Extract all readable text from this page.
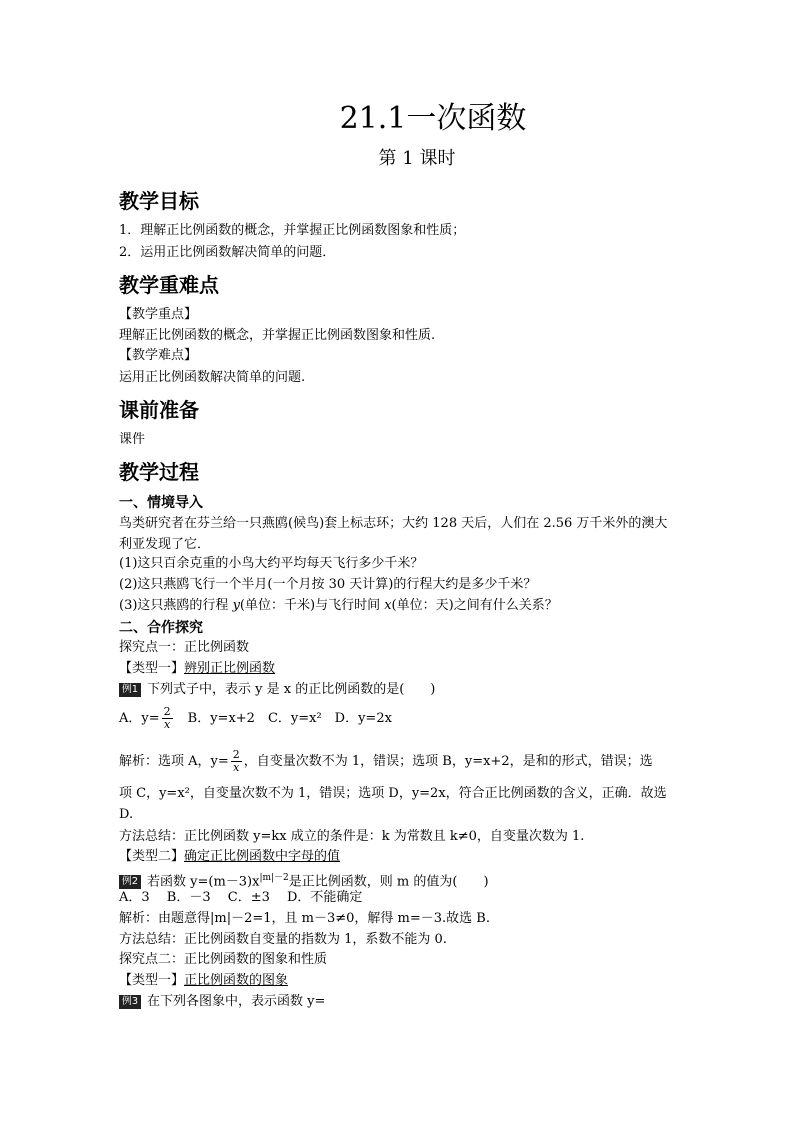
21.1一次函数
第 1 课时
教学目标
1．理解正比例函数的概念，并掌握正比例函数图象和性质；
2．运用正比例函数解决简单的问题．
教学重难点
【教学重点】
理解正比例函数的概念，并掌握正比例函数图象和性质.
【教学难点】
运用正比例函数解决简单的问题.
课前准备
课件
教学过程
一、情境导入
鸟类研究者在芬兰给一只燕鸥(候鸟)套上标志环；大约 128 天后，人们在 2.56 万千米外的澳大利亚发现了它．
(1)这只百余克重的小鸟大约平均每天飞行多少千米？
(2)这只燕鸥飞行一个半月(一个月按 30 天计算)的行程大约是多少千米？
(3)这只燕鸥的行程 y(单位：千米)与飞行时间 x(单位：天)之间有什么关系？
二、合作探究
探究点一：正比例函数
【类型一】辨别正比例函数
例1 下列式子中，表示 y 是 x 的正比例函数的是(　　)
A．$y= \frac{2}{x}$
　 B．y=x+2　C．y=x²　D．y=2x
解析：选项 A，$y= \frac{2}{x}$ ，自变量次数不为 1，错误；选项 B，y=x+2，是和的形式，错误；选
项 C，y=x²，自变量次数不为 1，错误；选项 D，y=2x，符合正比例函数的含义，正确．故选 D.
方法总结：正比例函数 y=kx 成立的条件是：k 为常数且 k≠0，自变量次数为 1.
【类型二】确定正比例函数中字母的值
例2 若函数 $y=(m-3)x^{|m|-2}$是正比例函数，则 m 的值为(　　)
A．3　 B．－3　 C．±3　 D．不能确定
解析：由题意得|m|－2=1，且 m－3≠0，解得 m=－3.故选 B.
方法总结：正比例函数自变量的指数为 1，系数不能为 0.
探究点二：正比例函数的图象和性质
【类型一】正比例函数的图象
例3 在下列各图象中，表示函数 y=
